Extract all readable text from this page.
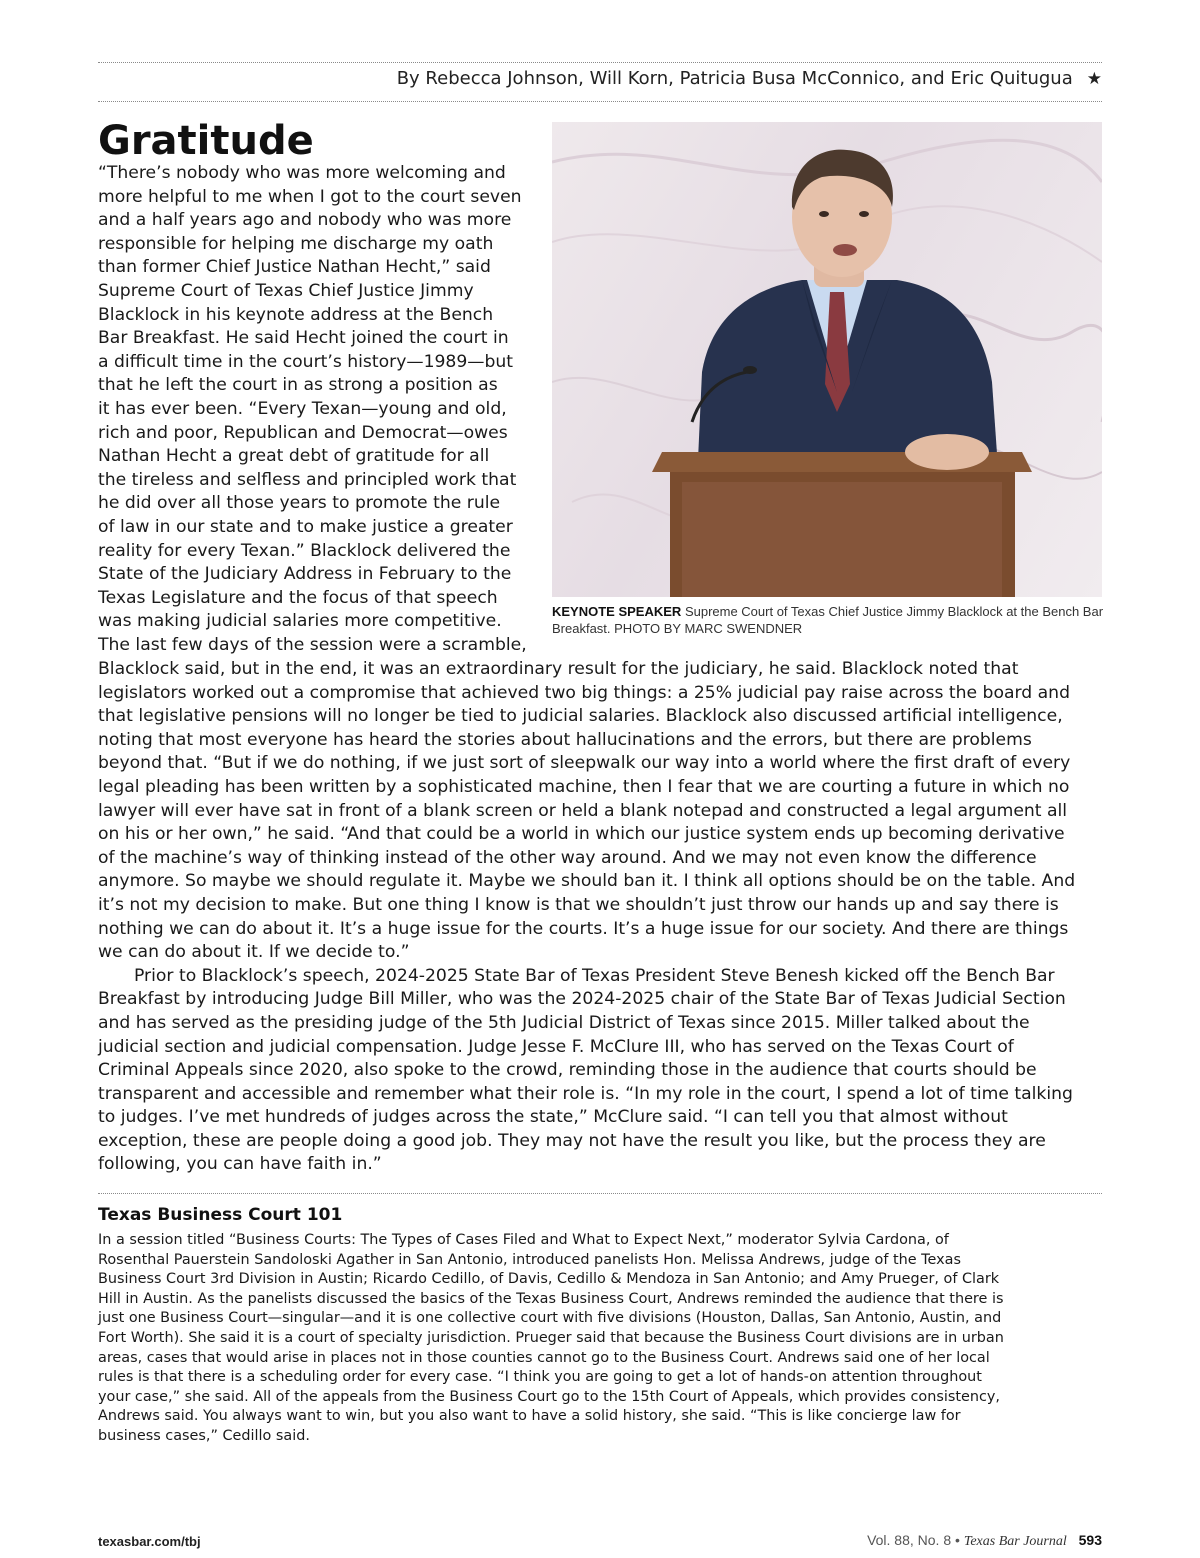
By Rebecca Johnson, Will Korn, Patricia Busa McConnico, and Eric Quitugua ★
Gratitude
“There’s nobody who was more welcoming and
more helpful to me when I got to the court seven
and a half years ago and nobody who was more
responsible for helping me discharge my oath
than former Chief Justice Nathan Hecht,” said
Supreme Court of Texas Chief Justice Jimmy
Blacklock in his keynote address at the Bench
Bar Breakfast. He said Hecht joined the court in
a difficult time in the court’s history—1989—but
that he left the court in as strong a position as
it has ever been. “Every Texan—young and old,
rich and poor, Republican and Democrat—owes
Nathan Hecht a great debt of gratitude for all
the tireless and selfless and principled work that
he did over all those years to promote the rule
of law in our state and to make justice a greater
reality for every Texan.” Blacklock delivered the
State of the Judiciary Address in February to the
Texas Legislature and the focus of that speech
was making judicial salaries more competitive.
The last few days of the session were a scramble,

KEYNOTE SPEAKER Supreme Court of Texas Chief Justice Jimmy Blacklock at the Bench Bar Breakfast. PHOTO BY MARC SWENDNER

Blacklock said, but in the end, it was an extraordinary result for the judiciary, he said. Blacklock noted that
legislators worked out a compromise that achieved two big things: a 25% judicial pay raise across the board and
that legislative pensions will no longer be tied to judicial salaries. Blacklock also discussed artificial intelligence,
noting that most everyone has heard the stories about hallucinations and the errors, but there are problems
beyond that. “But if we do nothing, if we just sort of sleepwalk our way into a world where the first draft of every
legal pleading has been written by a sophisticated machine, then I fear that we are courting a future in which no
lawyer will ever have sat in front of a blank screen or held a blank notepad and constructed a legal argument all
on his or her own,” he said. “And that could be a world in which our justice system ends up becoming derivative
of the machine’s way of thinking instead of the other way around. And we may not even know the difference
anymore. So maybe we should regulate it. Maybe we should ban it. I think all options should be on the table. And
it’s not my decision to make. But one thing I know is that we shouldn’t just throw our hands up and say there is
nothing we can do about it. It’s a huge issue for the courts. It’s a huge issue for our society. And there are things
we can do about it. If we decide to.”
Prior to Blacklock’s speech, 2024-2025 State Bar of Texas President Steve Benesh kicked off the Bench Bar
Breakfast by introducing Judge Bill Miller, who was the 2024-2025 chair of the State Bar of Texas Judicial Section
and has served as the presiding judge of the 5th Judicial District of Texas since 2015. Miller talked about the
judicial section and judicial compensation. Judge Jesse F. McClure III, who has served on the Texas Court of
Criminal Appeals since 2020, also spoke to the crowd, reminding those in the audience that courts should be
transparent and accessible and remember what their role is. “In my role in the court, I spend a lot of time talking
to judges. I’ve met hundreds of judges across the state,” McClure said. “I can tell you that almost without
exception, these are people doing a good job. They may not have the result you like, but the process they are
following, you can have faith in.”
Texas Business Court 101
In a session titled “Business Courts: The Types of Cases Filed and What to Expect Next,” moderator Sylvia Cardona, of
Rosenthal Pauerstein Sandoloski Agather in San Antonio, introduced panelists Hon. Melissa Andrews, judge of the Texas
Business Court 3rd Division in Austin; Ricardo Cedillo, of Davis, Cedillo & Mendoza in San Antonio; and Amy Prueger, of Clark
Hill in Austin. As the panelists discussed the basics of the Texas Business Court, Andrews reminded the audience that there is
just one Business Court—singular—and it is one collective court with five divisions (Houston, Dallas, San Antonio, Austin, and
Fort Worth). She said it is a court of specialty jurisdiction. Prueger said that because the Business Court divisions are in urban
areas, cases that would arise in places not in those counties cannot go to the Business Court. Andrews said one of her local
rules is that there is a scheduling order for every case. “I think you are going to get a lot of hands-on attention throughout
your case,” she said. All of the appeals from the Business Court go to the 15th Court of Appeals, which provides consistency,
Andrews said. You always want to win, but you also want to have a solid history, she said. “This is like concierge law for
business cases,” Cedillo said.
texasbar.com/tbj	Vol. 88, No. 8 • Texas Bar Journal 593
